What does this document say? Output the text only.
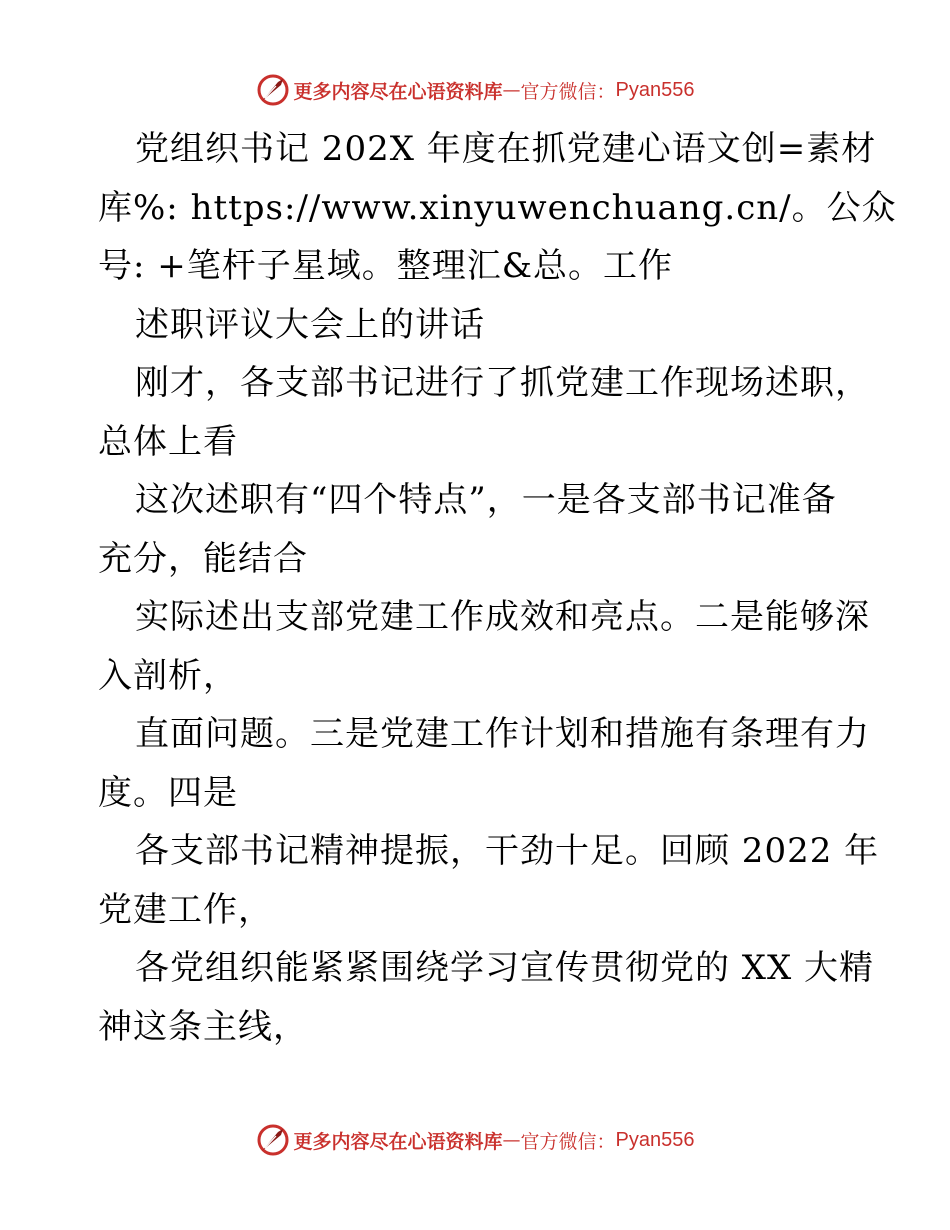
更多内容尽在心语资料库 — 官方微信： Pyan556
党组织书记 202X 年度在抓党建心语文创=素材
库%: https://www.xinyuwenchuang.cn/。公众
号: +笔杆子星域。整理汇&总。工作
述职评议大会上的讲话
刚才，各支部书记进行了抓党建工作现场述职，
总体上看
这次述职有“四个特点”，一是各支部书记准备
充分，能结合
实际述出支部党建工作成效和亮点。二是能够深
入剖析，
直面问题。三是党建工作计划和措施有条理有力
度。四是
各支部书记精神提振，干劲十足。回顾 2022 年
党建工作，
各党组织能紧紧围绕学习宣传贯彻党的 XX 大精
神这条主线，
更多内容尽在心语资料库 — 官方微信： Pyan556
